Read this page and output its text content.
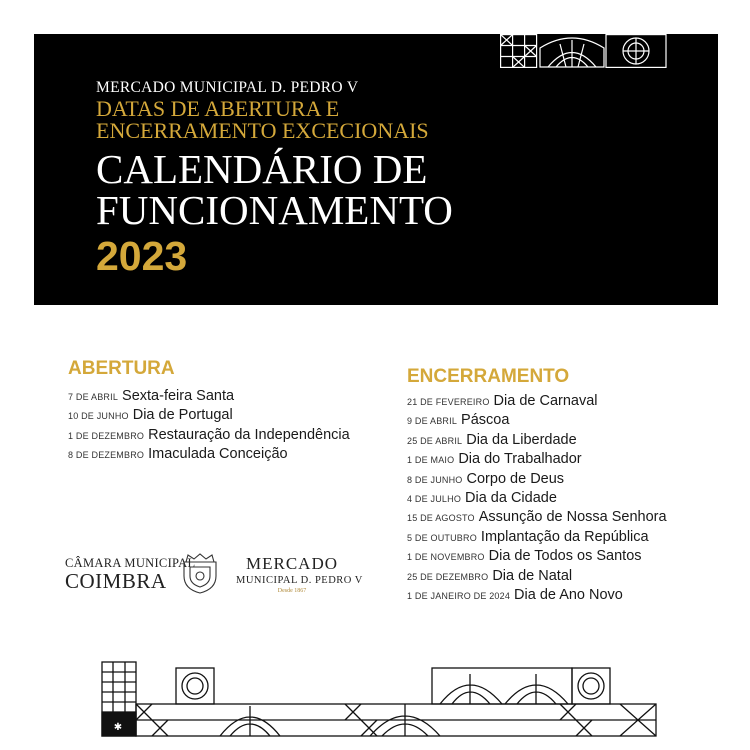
MERCADO MUNICIPAL D. PEDRO V
DATAS DE ABERTURA E
ENCERRAMENTO EXCECIONAIS
CALENDÁRIO DE
FUNCIONAMENTO
2023
ABERTURA
7 DE ABRIL Sexta-feira Santa
10 DE JUNHO Dia de Portugal
1 DE DEZEMBRO Restauração da Independência
8 DE DEZEMBRO Imaculada Conceição
ENCERRAMENTO
21 DE FEVEREIRO Dia de Carnaval
9 DE ABRIL Páscoa
25 DE ABRIL Dia da Liberdade
1 DE MAIO Dia do Trabalhador
8 DE JUNHO Corpo de Deus
4 DE JULHO Dia da Cidade
15 DE AGOSTO Assunção de Nossa Senhora
5 DE OUTUBRO Implantação da República
1 DE NOVEMBRO Dia de Todos os Santos
25 DE DEZEMBRO Dia de Natal
1 DE JANEIRO DE 2024 Dia de Ano Novo
CÂMARA MUNICIPAL
COIMBRA
MERCADO
MUNICIPAL D. PEDRO V
Desde 1867
✱
